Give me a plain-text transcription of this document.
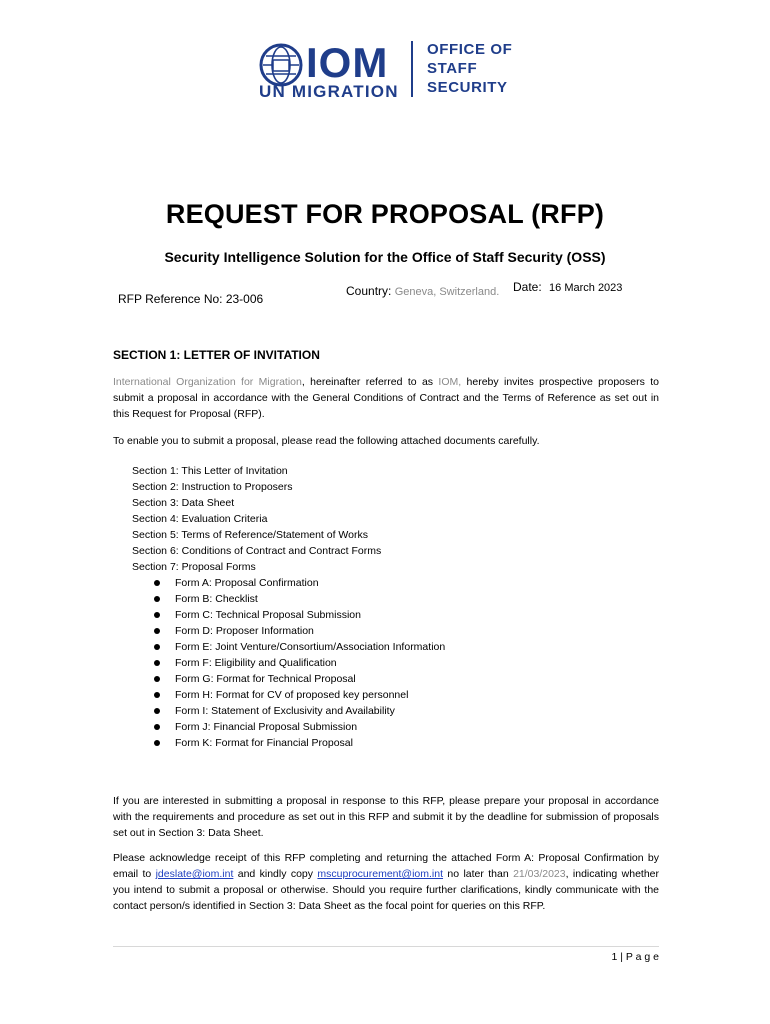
IOM
UN MIGRATION
OFFICE OF
STAFF
SECURITY
REQUEST FOR PROPOSAL (RFP)
Security Intelligence Solution for the Office of Staff Security (OSS)
Country: Geneva, Switzerland. Date: 16 March 2023
RFP Reference No: 23-006
SECTION 1: LETTER OF INVITATION
International Organization for Migration, hereinafter referred to as IOM, hereby invites prospective proposers to submit a proposal in accordance with the General Conditions of Contract and the Terms of Reference as set out in this Request for Proposal (RFP).
To enable you to submit a proposal, please read the following attached documents carefully.
Section 1: This Letter of Invitation
Section 2: Instruction to Proposers
Section 3: Data Sheet
Section 4: Evaluation Criteria
Section 5: Terms of Reference/Statement of Works
Section 6: Conditions of Contract and Contract Forms
Section 7: Proposal Forms
Form A: Proposal Confirmation
Form B: Checklist
Form C: Technical Proposal Submission
Form D: Proposer Information
Form E: Joint Venture/Consortium/Association Information
Form F: Eligibility and Qualification
Form G: Format for Technical Proposal
Form H: Format for CV of proposed key personnel
Form I: Statement of Exclusivity and Availability
Form J: Financial Proposal Submission
Form K: Format for Financial Proposal
If you are interested in submitting a proposal in response to this RFP, please prepare your proposal in accordance with the requirements and procedure as set out in this RFP and submit it by the deadline for submission of proposals set out in Section 3: Data Sheet.
Please acknowledge receipt of this RFP completing and returning the attached Form A: Proposal Confirmation by email to jdeslate@iom.int and kindly copy mscuprocurement@iom.int no later than 21/03/2023, indicating whether you intend to submit a proposal or otherwise. Should you require further clarifications, kindly communicate with the contact person/s identified in Section 3: Data Sheet as the focal point for queries on this RFP.
1 | P a g e
